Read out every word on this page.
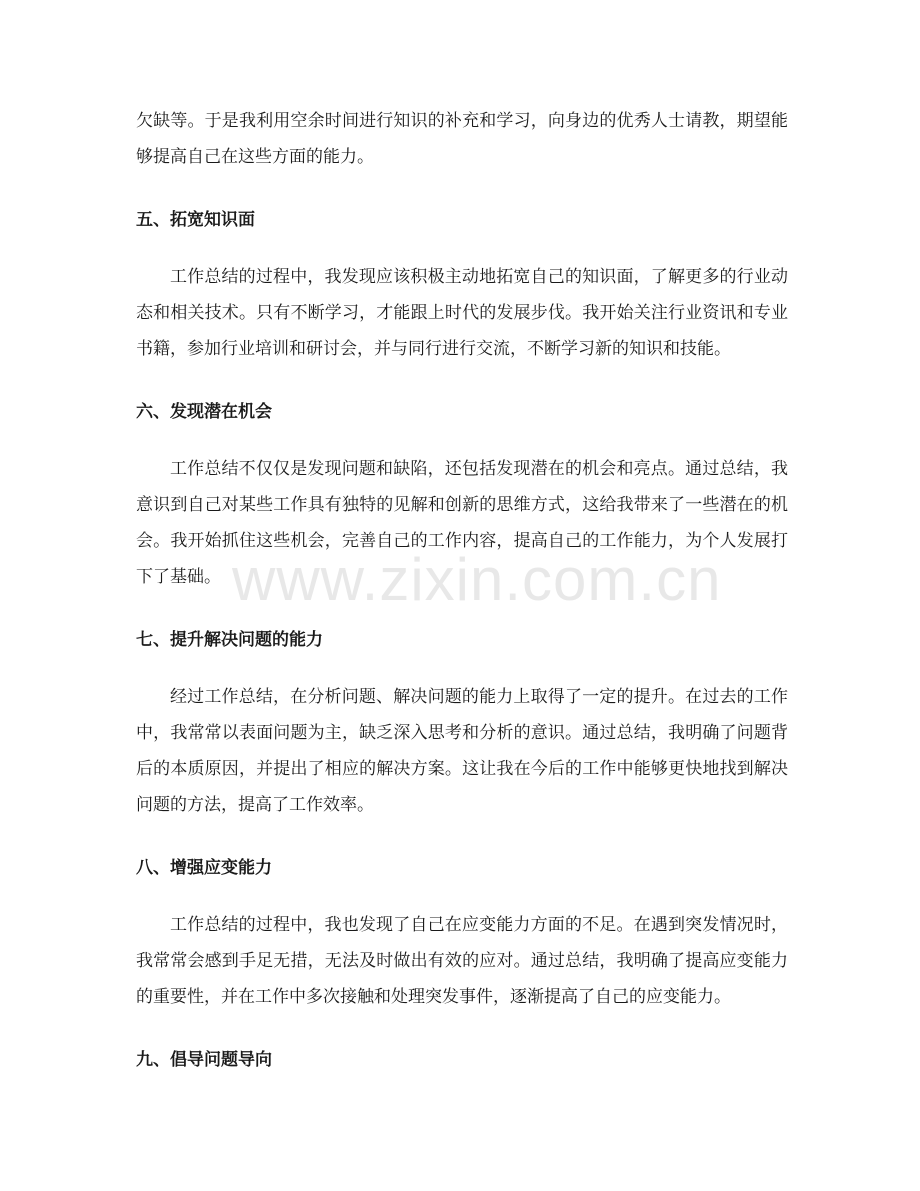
欠缺等。于是我利用空余时间进行知识的补充和学习，向身边的优秀人士请教，期望能够提高自己在这些方面的能力。

五、拓宽知识面

工作总结的过程中，我发现应该积极主动地拓宽自己的知识面，了解更多的行业动态和相关技术。只有不断学习，才能跟上时代的发展步伐。我开始关注行业资讯和专业书籍，参加行业培训和研讨会，并与同行进行交流，不断学习新的知识和技能。

六、发现潜在机会

工作总结不仅仅是发现问题和缺陷，还包括发现潜在的机会和亮点。通过总结，我意识到自己对某些工作具有独特的见解和创新的思维方式，这给我带来了一些潜在的机会。我开始抓住这些机会，完善自己的工作内容，提高自己的工作能力，为个人发展打下了基础。

七、提升解决问题的能力

经过工作总结，在分析问题、解决问题的能力上取得了一定的提升。在过去的工作中，我常常以表面问题为主，缺乏深入思考和分析的意识。通过总结，我明确了问题背后的本质原因，并提出了相应的解决方案。这让我在今后的工作中能够更快地找到解决问题的方法，提高了工作效率。

八、增强应变能力

工作总结的过程中，我也发现了自己在应变能力方面的不足。在遇到突发情况时，我常常会感到手足无措，无法及时做出有效的应对。通过总结，我明确了提高应变能力的重要性，并在工作中多次接触和处理突发事件，逐渐提高了自己的应变能力。

九、倡导问题导向
www.zixin.com.cn
